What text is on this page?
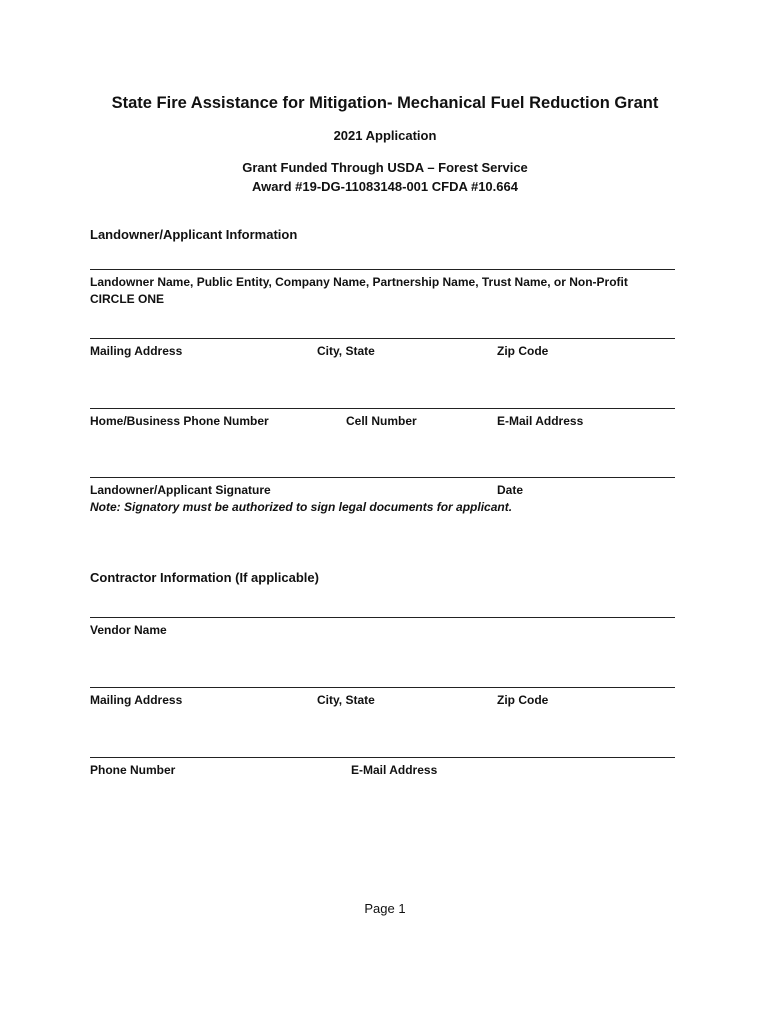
State Fire Assistance for Mitigation- Mechanical Fuel Reduction Grant
2021 Application
Grant Funded Through USDA – Forest Service
Award #19-DG-11083148-001 CFDA #10.664
Landowner/Applicant Information
Landowner Name, Public Entity, Company Name, Partnership Name, Trust Name, or Non-Profit
CIRCLE ONE
Mailing Address	City, State	Zip Code
Home/Business Phone Number	Cell Number	E-Mail Address
Landowner/Applicant Signature	Date
Note: Signatory must be authorized to sign legal documents for applicant.
Contractor Information (If applicable)
Vendor Name
Mailing Address	City, State	Zip Code
Phone Number	E-Mail Address
Page 1
